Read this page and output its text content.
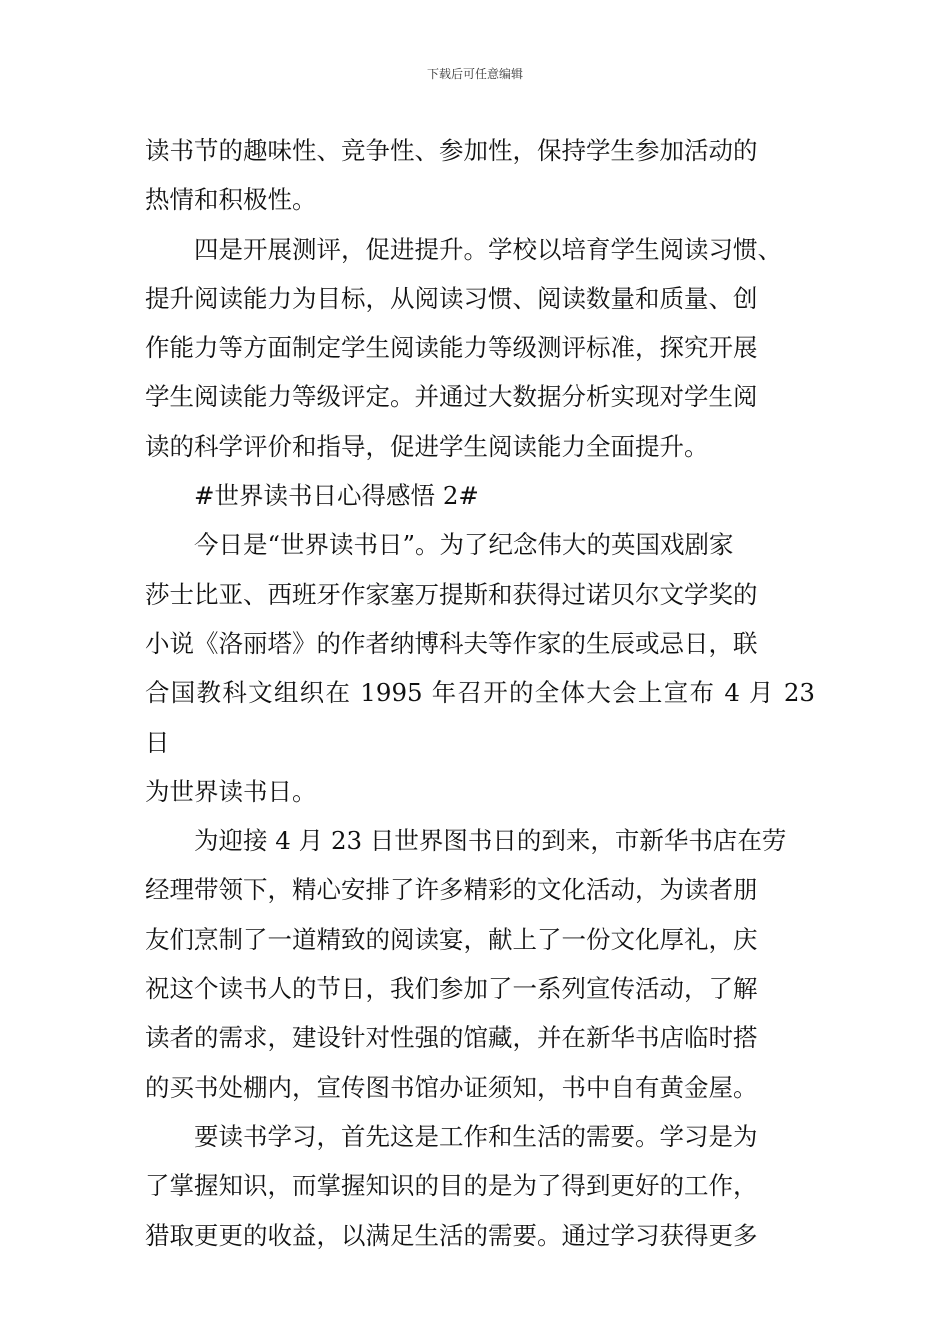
下载后可任意编辑

读书节的趣味性、竞争性、参加性，保持学生参加活动的
热情和积极性。

四是开展测评，促进提升。学校以培育学生阅读习惯、
提升阅读能力为目标，从阅读习惯、阅读数量和质量、创
作能力等方面制定学生阅读能力等级测评标准，探究开展
学生阅读能力等级评定。并通过大数据分析实现对学生阅
读的科学评价和指导，促进学生阅读能力全面提升。

#世界读书日心得感悟 2#

今日是“世界读书日”。为了纪念伟大的英国戏剧家
莎士比亚、西班牙作家塞万提斯和获得过诺贝尔文学奖的
小说《洛丽塔》的作者纳博科夫等作家的生辰或忌日，联
合国教科文组织在 1995 年召开的全体大会上宣布 4 月 23 日
为世界读书日。

为迎接 4 月 23 日世界图书日的到来，市新华书店在劳
经理带领下，精心安排了许多精彩的文化活动，为读者朋
友们烹制了一道精致的阅读宴，献上了一份文化厚礼，庆
祝这个读书人的节日，我们参加了一系列宣传活动，了解
读者的需求，建设针对性强的馆藏，并在新华书店临时搭
的买书处棚内，宣传图书馆办证须知，书中自有黄金屋。

要读书学习，首先这是工作和生活的需要。学习是为
了掌握知识，而掌握知识的目的是为了得到更好的工作，
猎取更更的收益，以满足生活的需要。通过学习获得更多
